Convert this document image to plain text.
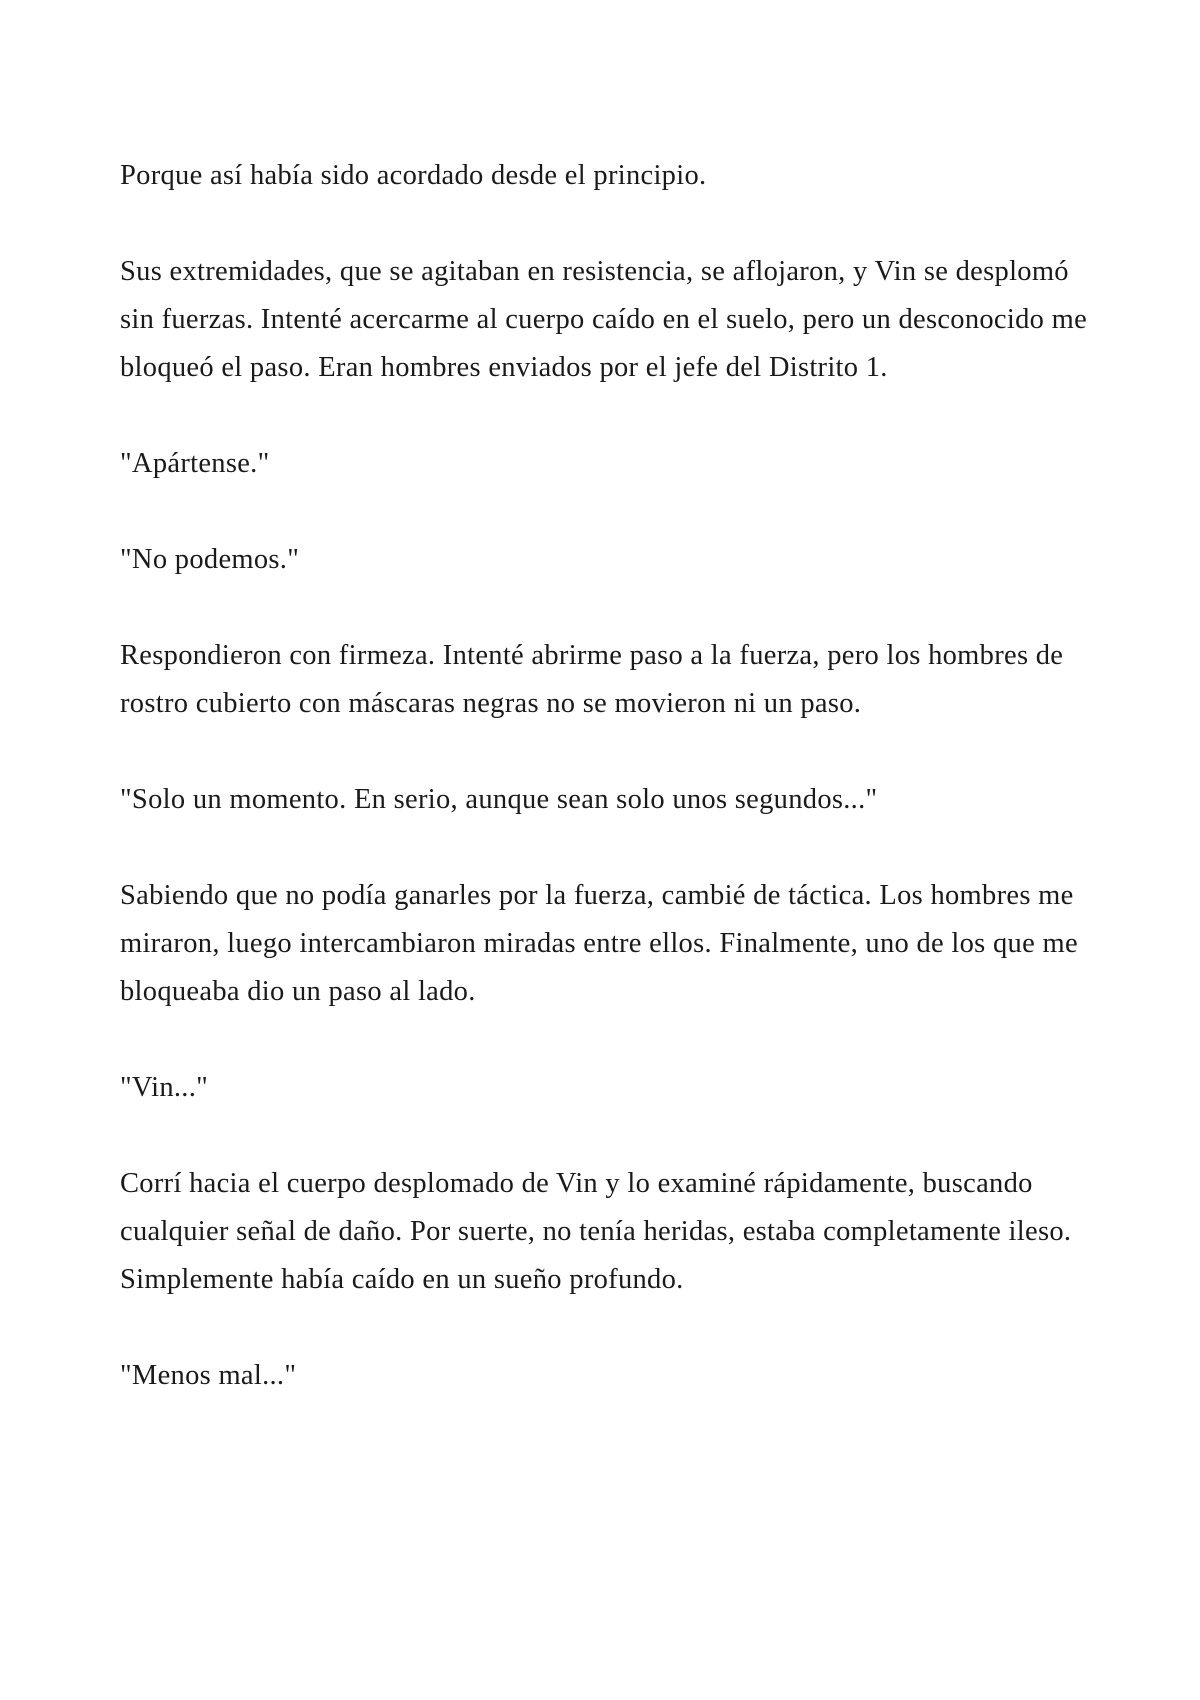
Porque así había sido acordado desde el principio.

Sus extremidades, que se agitaban en resistencia, se aflojaron, y Vin se desplomó sin fuerzas. Intenté acercarme al cuerpo caído en el suelo, pero un desconocido me bloqueó el paso. Eran hombres enviados por el jefe del Distrito 1.

"Apártense."

"No podemos."

Respondieron con firmeza. Intenté abrirme paso a la fuerza, pero los hombres de rostro cubierto con máscaras negras no se movieron ni un paso.

"Solo un momento. En serio, aunque sean solo unos segundos..."

Sabiendo que no podía ganarles por la fuerza, cambié de táctica. Los hombres me miraron, luego intercambiaron miradas entre ellos. Finalmente, uno de los que me bloqueaba dio un paso al lado.

"Vin..."

Corrí hacia el cuerpo desplomado de Vin y lo examiné rápidamente, buscando cualquier señal de daño. Por suerte, no tenía heridas, estaba completamente ileso. Simplemente había caído en un sueño profundo.

"Menos mal..."
